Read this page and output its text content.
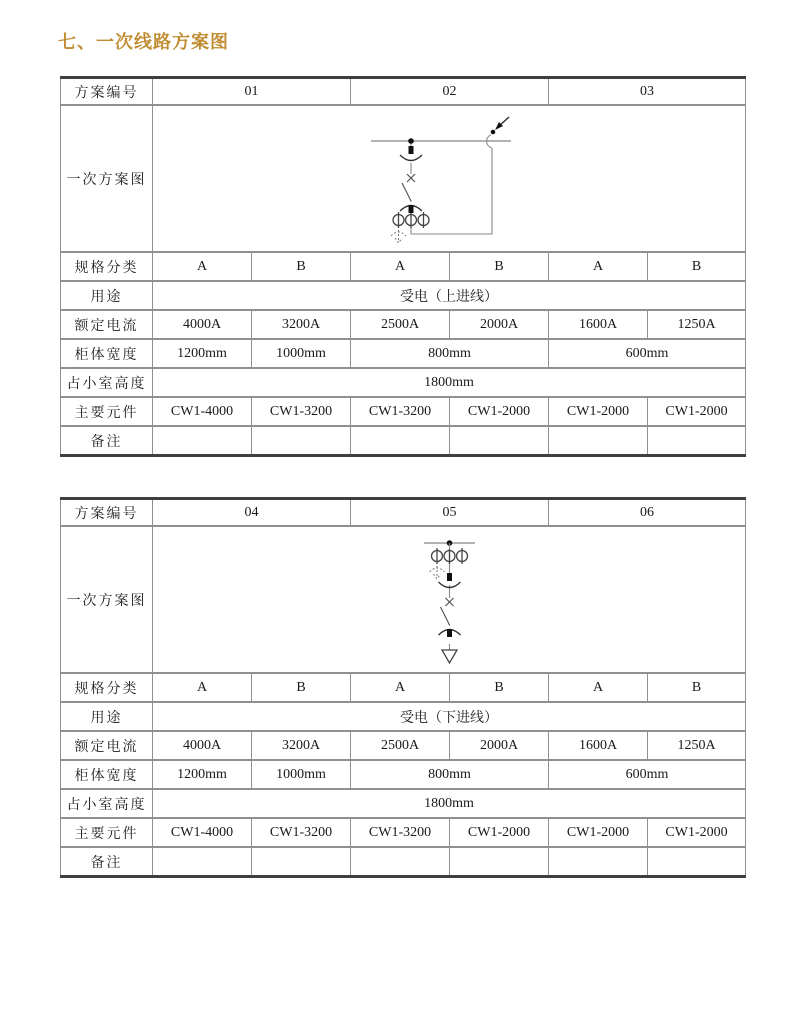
七、一次线路方案图
方案编号	01		02		03	
一次方案图	

规格分类	A	B	A	B	A	B
用途	受电（上进线）					
额定电流	4000A	3200A	2500A	2000A	1600A	1250A
柜体宽度	1200mm	1000mm	800mm		600mm	
占小室高度	1800mm					
主要元件	CW1-4000	CW1-3200	CW1-3200	CW1-2000	CW1-2000	CW1-2000
备注						
方案编号	04		05		06	
一次方案图	

规格分类	A	B	A	B	A	B
用途	受电（下进线）					
额定电流	4000A	3200A	2500A	2000A	1600A	1250A
柜体宽度	1200mm	1000mm	800mm		600mm	
占小室高度	1800mm					
主要元件	CW1-4000	CW1-3200	CW1-3200	CW1-2000	CW1-2000	CW1-2000
备注						
